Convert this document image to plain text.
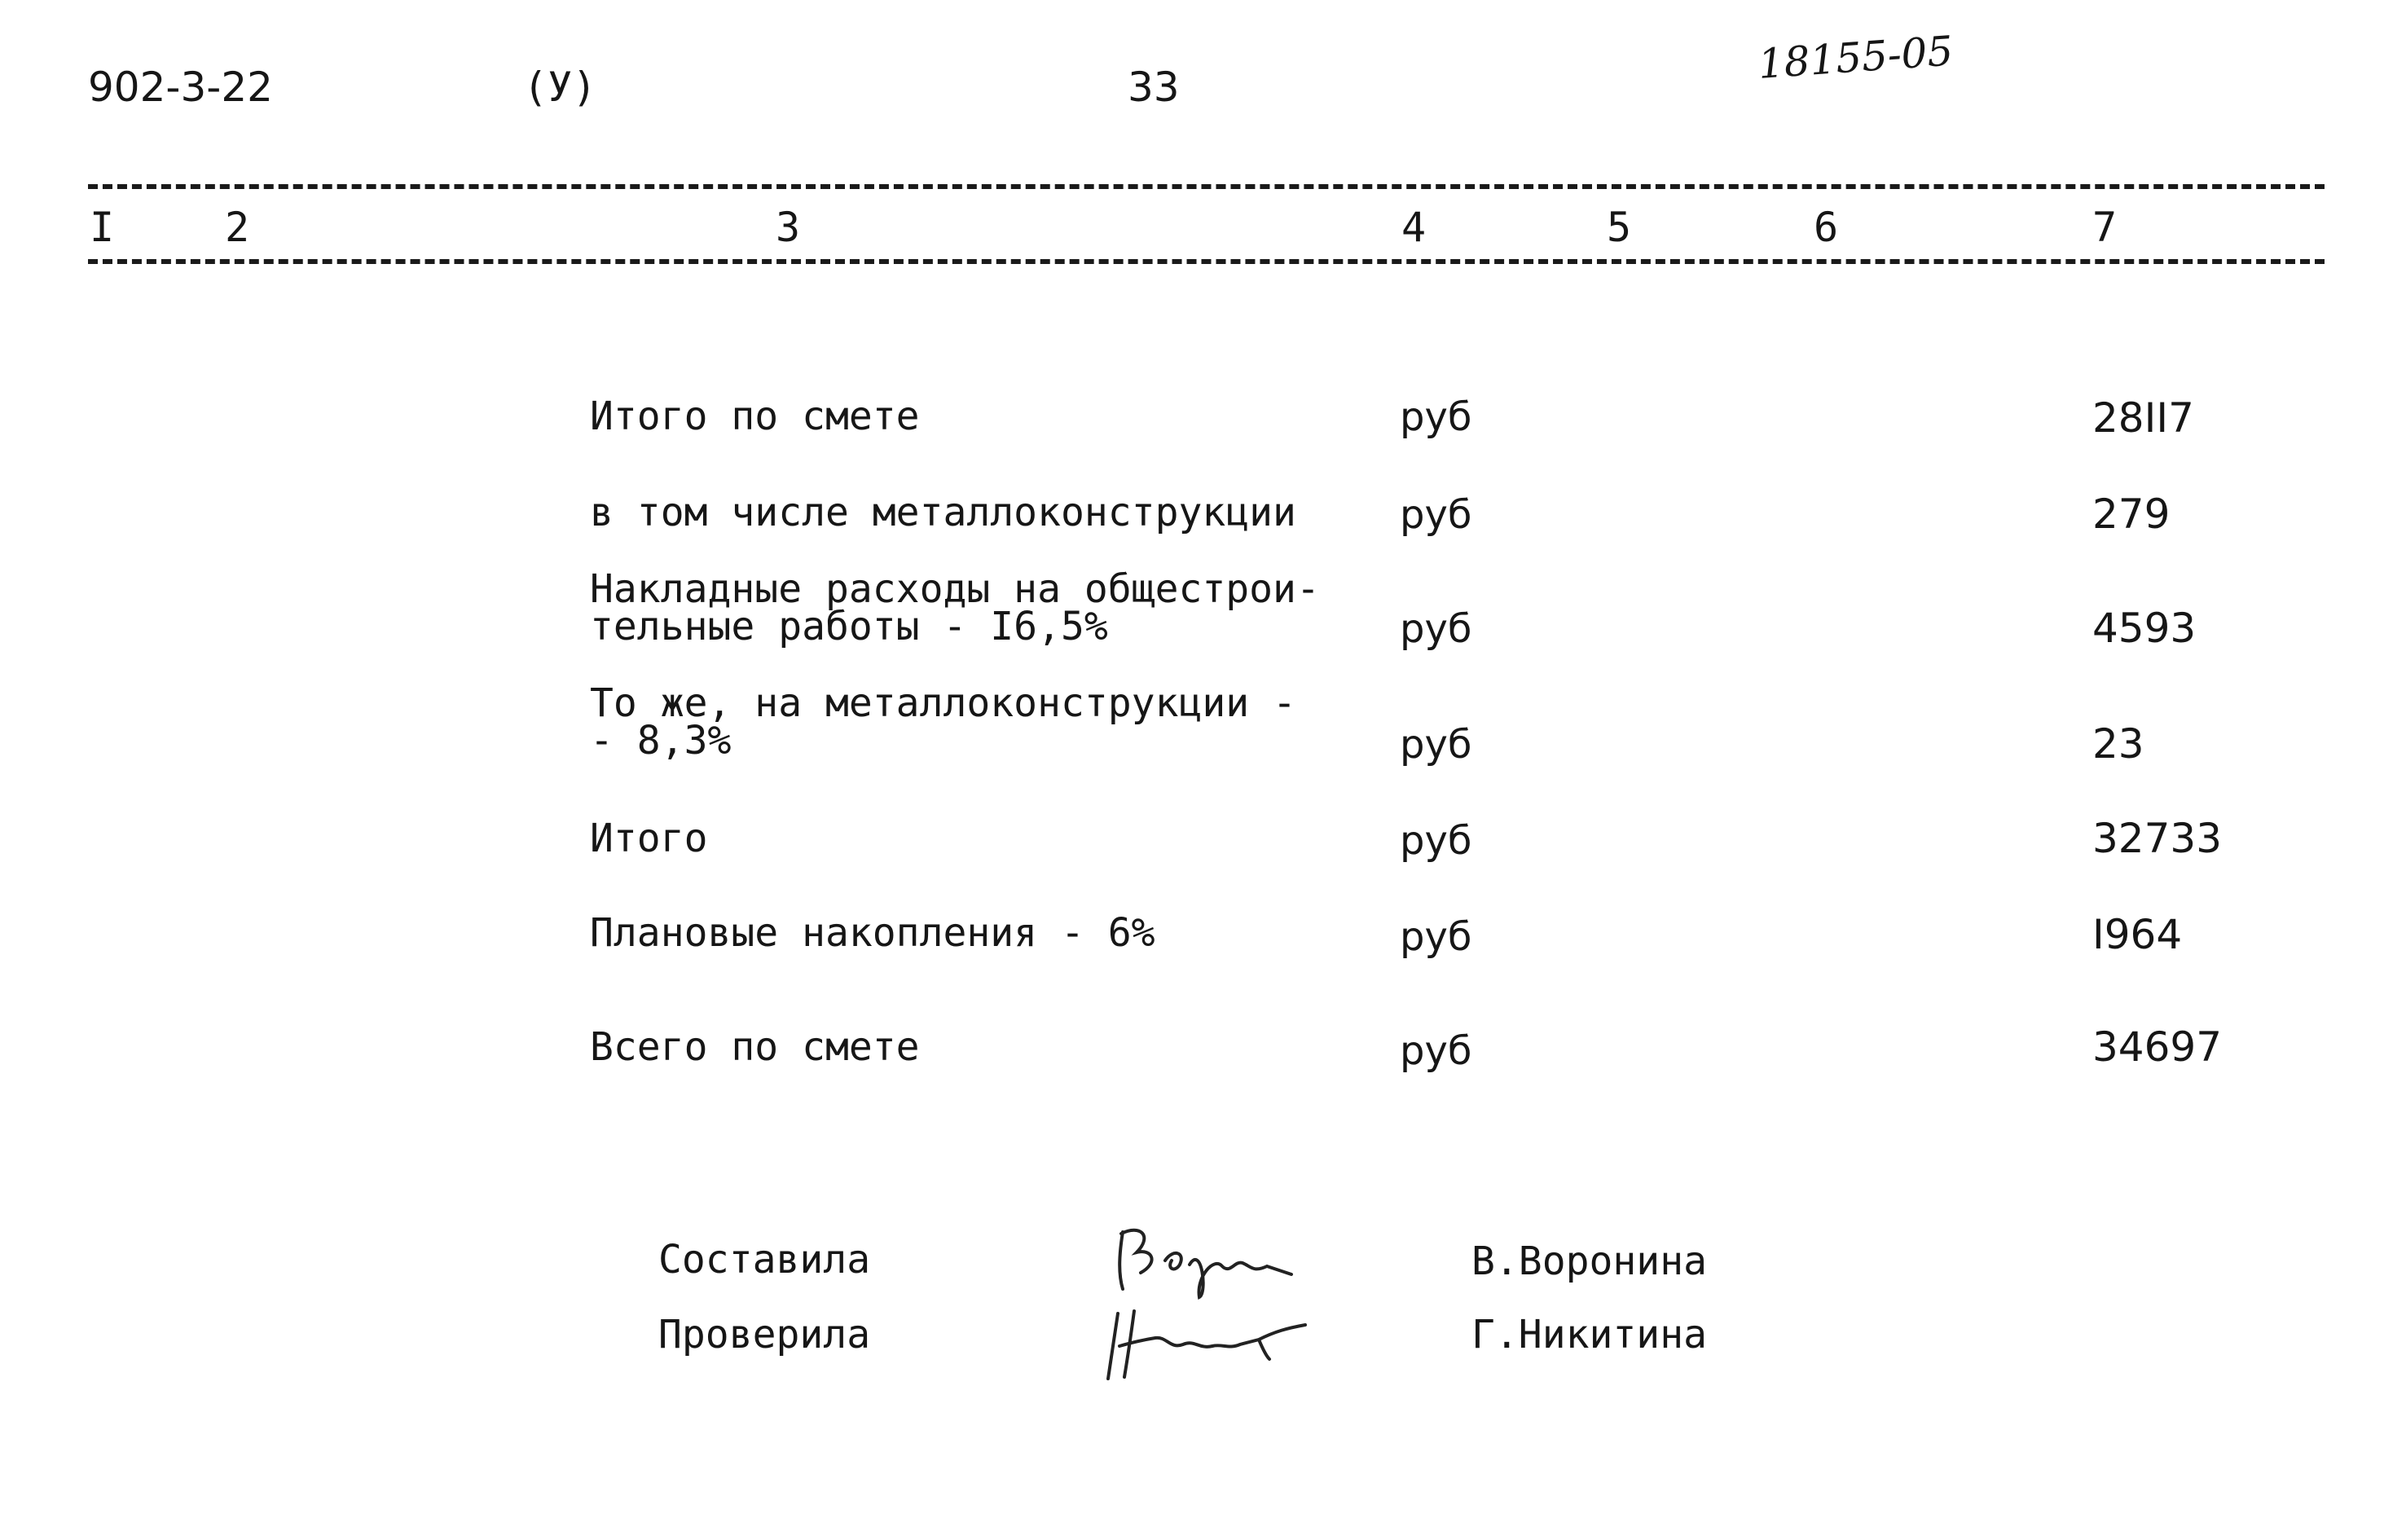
902-3-22	(У)	33	18155-05
I	2	3	4	5	6	7
Итого по смете	руб	28II7
в том числе металлоконструкции	руб	279
Накладные расходы на общестрои-
тельные работы - I6,5%	руб	4593
То же, на металлоконструкции -
- 8,3%	руб	23
Итого	руб	32733
Плановые накопления - 6%	руб	I964
Всего по смете	руб	34697
Составила	В.Воронина
Проверила	Г.Никитина
